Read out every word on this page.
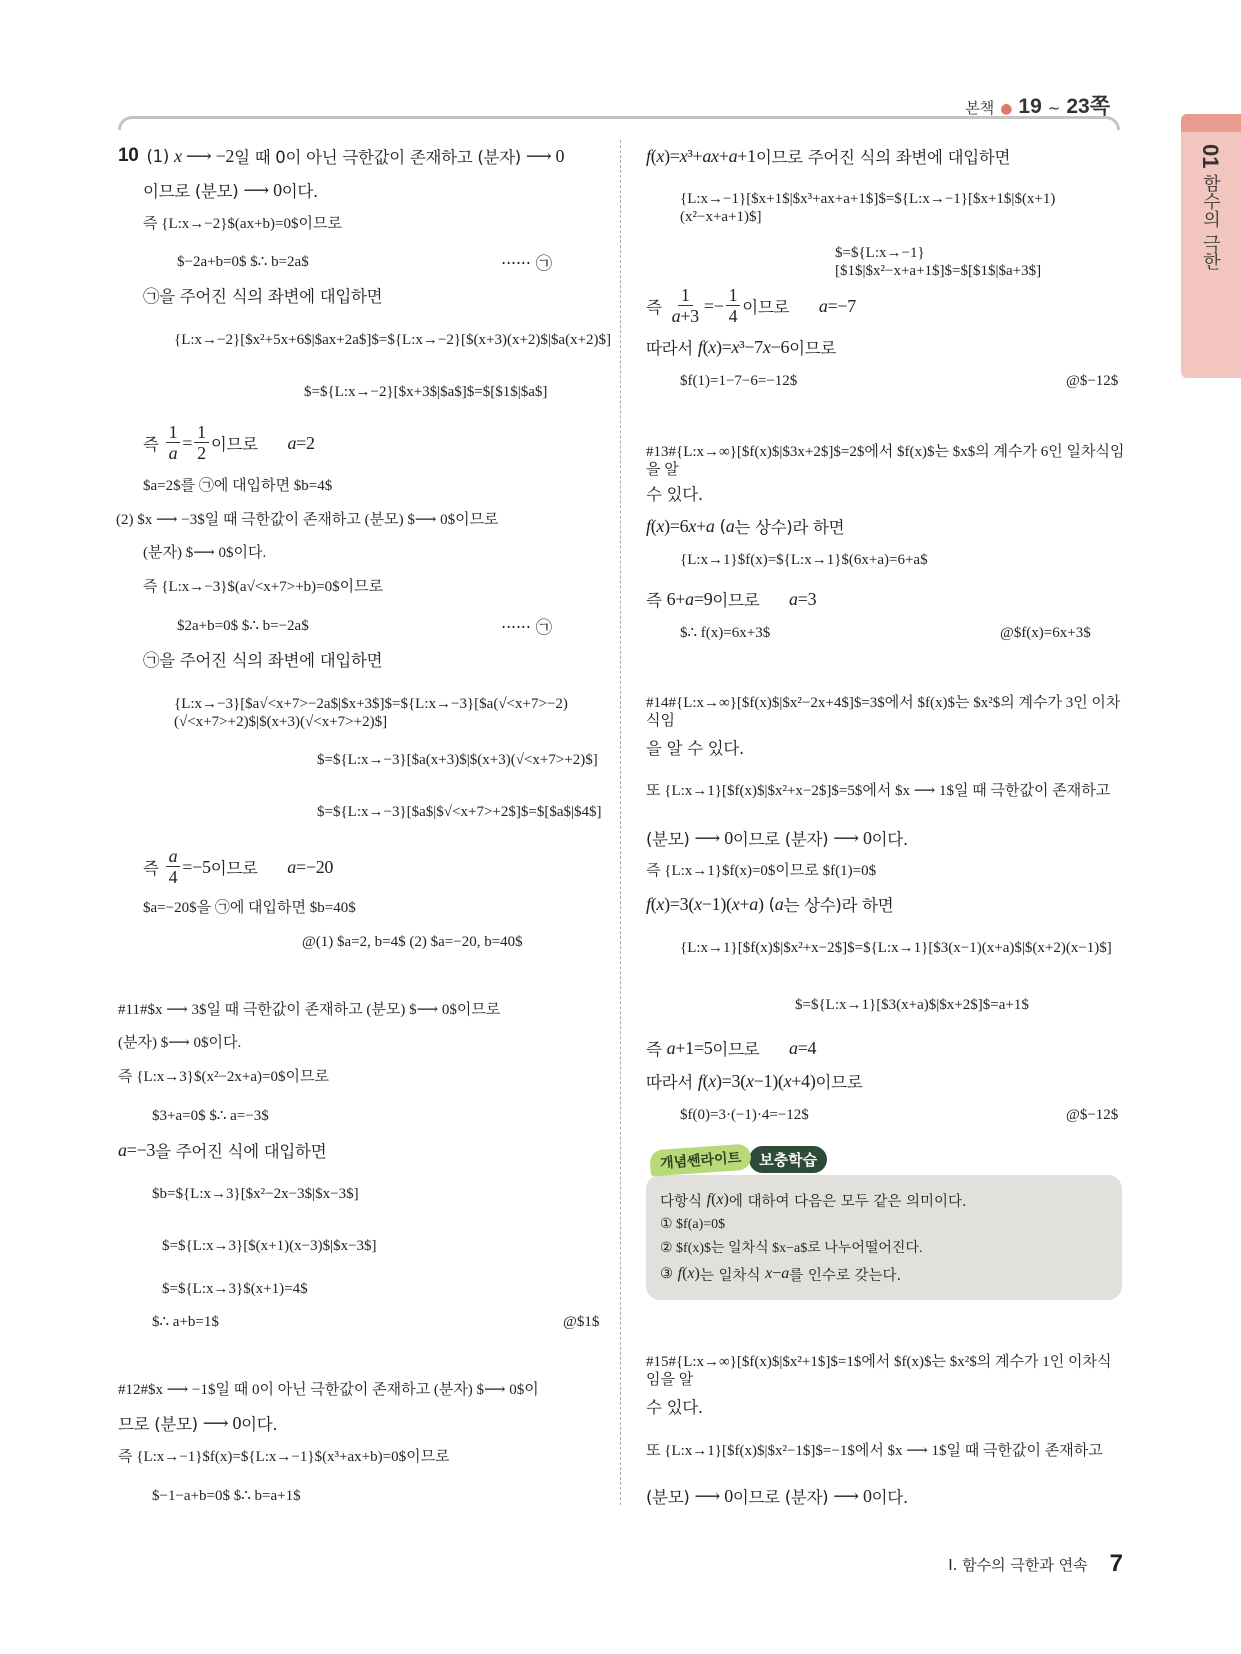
본책 ● 19 ~ 23쪽
01 함수의 극한
10 (1) x ⟶ −2 일 때 0이 아닌 극한값이 존재하고 (분자) ⟶ 0
이므로 (분모) ⟶ 0 이다.
즉 {L:x→−2}$(ax+b)=0$이므로
$−2a+b=0$ $∴ b=2a$	······ ㉠
㉠을 주어진 식의 좌변에 대입하면
{L:x→−2}[$x²+5x+6$|$ax+2a$]$=${L:x→−2}[$(x+3)(x+2)$|$a(x+2)$]
$=${L:x→−2}[$x+3$|$a$]$=$[$1$|$a$]
즉 $\frac{1}{a} = \frac{1}{2}$ 이므로 a=2
$a=2$를 ㉠에 대입하면 $b=4$
(2) $x ⟶ −3$일 때 극한값이 존재하고 (분모) $⟶ 0$이므로
(분자) $⟶ 0$이다.
즉 {L:x→−3}$(a√<x+7>+b)=0$이므로
$2a+b=0$ $∴ b=−2a$	······ ㉠
㉠을 주어진 식의 좌변에 대입하면
{L:x→−3}[$a√<x+7>−2a$|$x+3$]$=${L:x→−3}[$a(√<x+7>−2)(√<x+7>+2)$|$(x+3)(√<x+7>+2)$]
$=${L:x→−3}[$a(x+3)$|$(x+3)(√<x+7>+2)$]
$=${L:x→−3}[$a$|$√<x+7>+2$]$=$[$a$|$4$]
즉 $\frac{a}{4} =-5$ 이므로 a=−20
$a=−20$을 ㉠에 대입하면 $b=40$
@(1) $a=2, b=4$ (2) $a=−20, b=40$
#11#$x ⟶ 3$일 때 극한값이 존재하고 (분모) $⟶ 0$이므로
(분자) $⟶ 0$이다.
즉 {L:x→3}$(x²−2x+a)=0$이므로
$3+a=0$ $∴ a=−3$
a=−3 을 주어진 식에 대입하면
$b=${L:x→3}[$x²−2x−3$|$x−3$]
$=${L:x→3}[$(x+1)(x−3)$|$x−3$]
$=${L:x→3}$(x+1)=4$
$∴ a+b=1$	@$1$
#12#$x ⟶ −1$일 때 0이 아닌 극한값이 존재하고 (분자) $⟶ 0$이
므로 (분모) ⟶ 0 이다.
즉 {L:x→−1}$f(x)=${L:x→−1}$(x³+ax+b)=0$이므로
$−1−a+b=0$ $∴ b=a+1$
f(x)=x³+ax+a+1 이므로 주어진 식의 좌변에 대입하면
{L:x→−1}[$x+1$|$x³+ax+a+1$]$=${L:x→−1}[$x+1$|$(x+1)(x²−x+a+1)$]
$=${L:x→−1}[$1$|$x²−x+a+1$]$=$[$1$|$a+3$]
즉 $\frac{1}{a+3} =- \frac{1}{4}$ 이므로 a=−7
따라서 f(x)=x³−7x−6 이므로
$f(1)=1−7−6=−12$	@$−12$
#13#{L:x→∞}[$f(x)$|$3x+2$]$=2$에서 $f(x)$는 $x$의 계수가 6인 일차식임을 알
수 있다.
f(x)=6x+a ( a 는 상수)라 하면
{L:x→1}$f(x)=${L:x→1}$(6x+a)=6+a$
즉 6+a=9 이므로 a=3
$∴ f(x)=6x+3$	@$f(x)=6x+3$
#14#{L:x→∞}[$f(x)$|$x²−2x+4$]$=3$에서 $f(x)$는 $x²$의 계수가 3인 이차식임
을 알 수 있다.
또 {L:x→1}[$f(x)$|$x²+x−2$]$=5$에서 $x ⟶ 1$일 때 극한값이 존재하고
(분모) ⟶ 0 이므로 (분자) ⟶ 0 이다.
즉 {L:x→1}$f(x)=0$이므로 $f(1)=0$
f(x)=3(x−1)(x+a) ( a 는 상수)라 하면
{L:x→1}[$f(x)$|$x²+x−2$]$=${L:x→1}[$3(x−1)(x+a)$|$(x+2)(x−1)$]
$=${L:x→1}[$3(x+a)$|$x+2$]$=a+1$
즉 a+1=5 이므로 a=4
따라서 f(x)=3(x−1)(x+4) 이므로
$f(0)=3·(−1)·4=−12$	@$−12$
#15#{L:x→∞}[$f(x)$|$x²+1$]$=1$에서 $f(x)$는 $x²$의 계수가 1인 이차식임을 알
수 있다.
또 {L:x→1}[$f(x)$|$x²−1$]$=−1$에서 $x ⟶ 1$일 때 극한값이 존재하고
(분모) ⟶ 0 이므로 (분자) ⟶ 0 이다.
개념쎈라이트	보충학습
다항식 f(x) 에 대하여 다음은 모두 같은 의미이다.
① $f(a)=0$
② $f(x)$는 일차식 $x−a$로 나누어떨어진다.
③ f(x) 는 일차식 x−a 를 인수로 갖는다.
I. 함수의 극한과 연속 7
